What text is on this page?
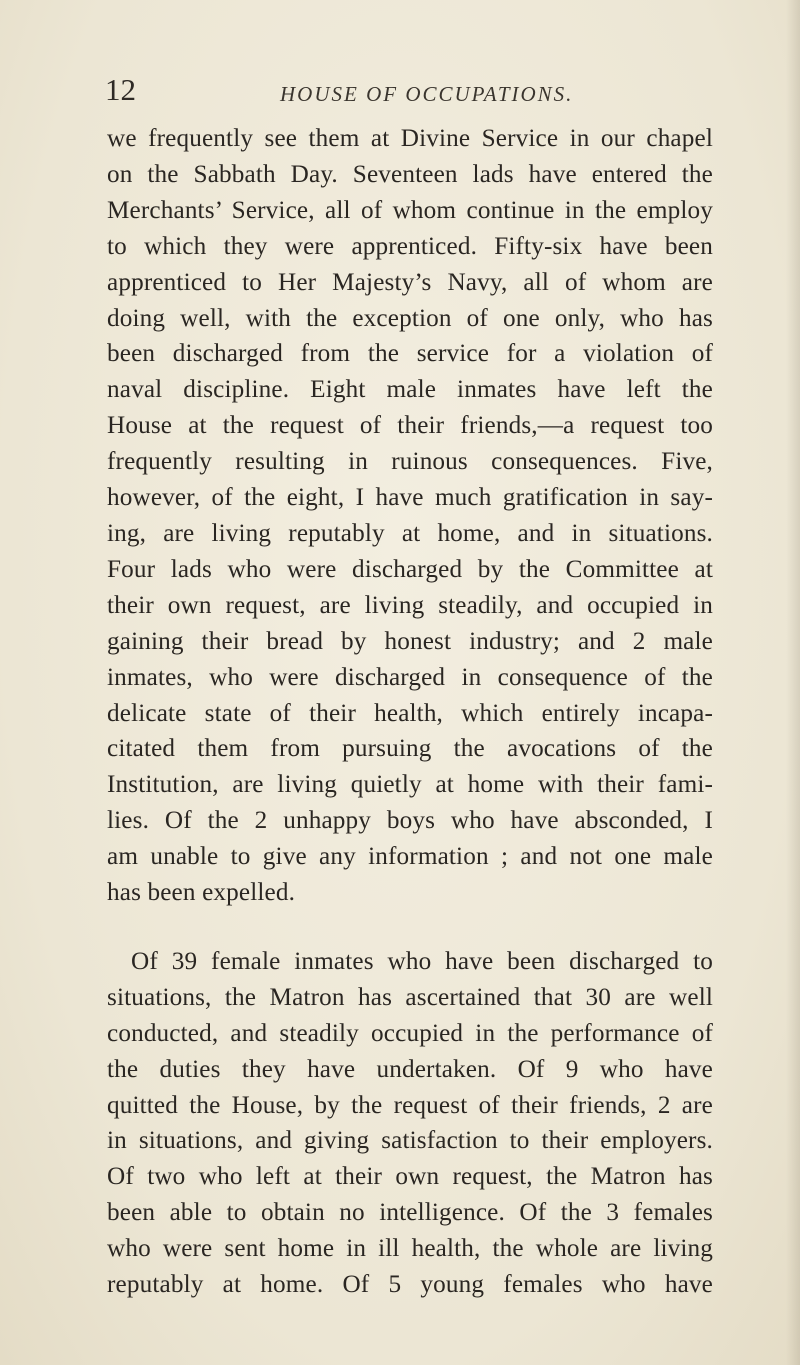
12	HOUSE OF OCCUPATIONS.

we frequently see them at Divine Service in our chapel
on the Sabbath Day. Seventeen lads have entered the
Merchants’ Service, all of whom continue in the employ
to which they were apprenticed. Fifty-six have been
apprenticed to Her Majesty’s Navy, all of whom are
doing well, with the exception of one only, who has
been discharged from the service for a violation of
naval discipline. Eight male inmates have left the
House at the request of their friends,—a request too
frequently resulting in ruinous consequences. Five,
however, of the eight, I have much gratification in say-
ing, are living reputably at home, and in situations.
Four lads who were discharged by the Committee at
their own request, are living steadily, and occupied in
gaining their bread by honest industry; and 2 male
inmates, who were discharged in consequence of the
delicate state of their health, which entirely incapa-
citated them from pursuing the avocations of the
Institution, are living quietly at home with their fami-
lies. Of the 2 unhappy boys who have absconded, I
am unable to give any information ; and not one male
has been expelled.

Of 39 female inmates who have been discharged to
situations, the Matron has ascertained that 30 are well
conducted, and steadily occupied in the performance of
the duties they have undertaken. Of 9 who have
quitted the House, by the request of their friends, 2 are
in situations, and giving satisfaction to their employers.
Of two who left at their own request, the Matron has
been able to obtain no intelligence. Of the 3 females
who were sent home in ill health, the whole are living
reputably at home. Of 5 young females who have
